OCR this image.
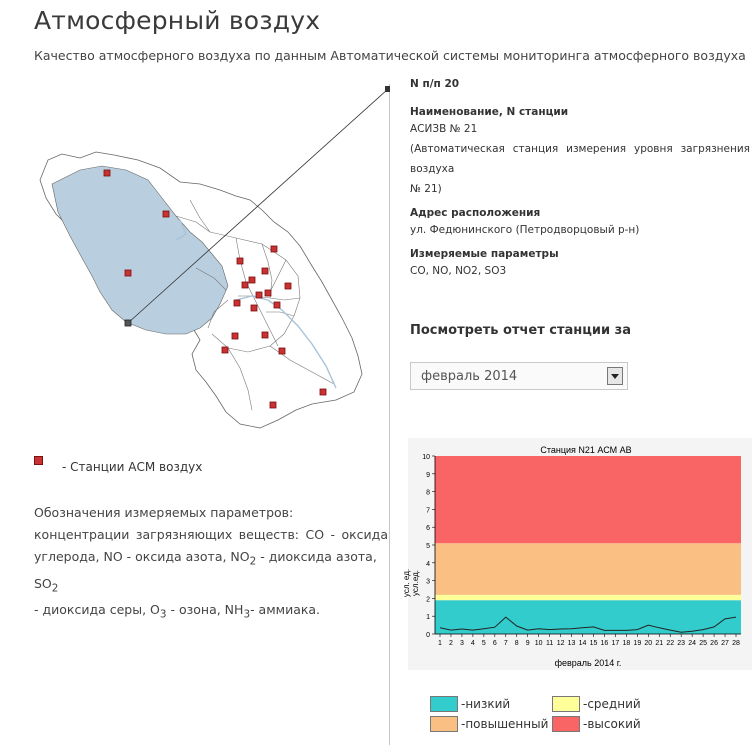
Атмосферный воздух

Качество атмосферного воздуха по данным Автоматической системы мониторинга атмосферного воздуха

- Станции АСМ воздух

Обозначения измеряемых параметров:

концентрации загрязняющих веществ: CO - оксида

углерода, NO - оксида азота, $NO_2$ - диоксида азота, $SO_2$

- диоксида серы, $O_3$ - озона, $NH_3-$ аммиака.

N п/п 20

Наименование, N станции

АСИЗВ № 21

(Автоматическая станция измерения уровня загрязнения воздуха
№ 21)

Адрес расположения

ул. Федюнинского (Петродворцовый р-н)

Измеряемые параметры

CO, NO, NO2, SO3

Посмотреть отчет станции за

февраль 2014
Станция N21 АСМ АВ
усл. ед. усл.ед.
февраль 2014 г.
0
1
2
3
4
5
6
7
8
9
10
1 2 3 4 5 6 7 8 9 10 11 12 13 14 15 16 17 18 19 20 21 22 23 24 25 26 27 28
-низкий	-средний
-повышенный	-высокий
